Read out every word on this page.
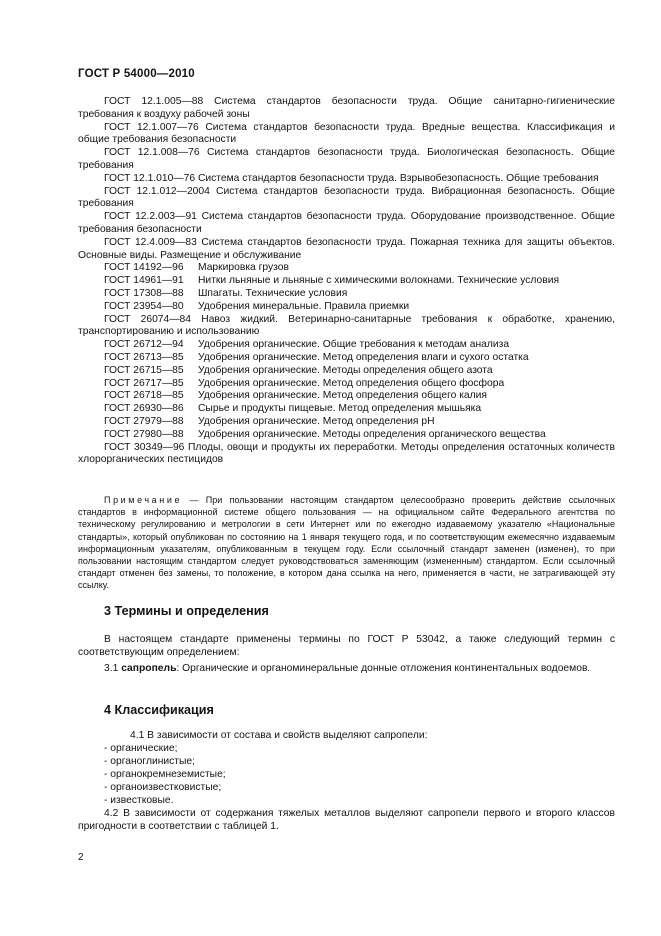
ГОСТ Р 54000—2010

ГОСТ 12.1.005—88 Система стандартов безопасности труда. Общие санитарно-гигиенические требования к воздуху рабочей зоны

ГОСТ 12.1.007—76 Система стандартов безопасности труда. Вредные вещества. Классификация и общие требования безопасности

ГОСТ 12.1.008—76 Система стандартов безопасности труда. Биологическая безопасность. Общие требования

ГОСТ 12.1.010—76 Система стандартов безопасности труда. Взрывобезопасность. Общие требования

ГОСТ 12.1.012—2004 Система стандартов безопасности труда. Вибрационная безопасность. Общие требования

ГОСТ 12.2.003—91 Система стандартов безопасности труда. Оборудование производственное. Общие требования безопасности

ГОСТ 12.4.009—83 Система стандартов безопасности труда. Пожарная техника для защиты объектов. Основные виды. Размещение и обслуживание

ГОСТ 14192—96 Маркировка грузов

ГОСТ 14961—91 Нитки льняные и льняные с химическими волокнами. Технические условия

ГОСТ 17308—88 Шпагаты. Технические условия

ГОСТ 23954—80 Удобрения минеральные. Правила приемки

ГОСТ 26074—84 Навоз жидкий. Ветеринарно-санитарные требования к обработке, хранению, транспортированию и использованию

ГОСТ 26712—94 Удобрения органические. Общие требования к методам анализа

ГОСТ 26713—85 Удобрения органические. Метод определения влаги и сухого остатка

ГОСТ 26715—85 Удобрения органические. Методы определения общего азота

ГОСТ 26717—85 Удобрения органические. Метод определения общего фосфора

ГОСТ 26718—85 Удобрения органические. Метод определения общего калия

ГОСТ 26930—86 Сырье и продукты пищевые. Метод определения мышьяка

ГОСТ 27979—88 Удобрения органические. Метод определения рН

ГОСТ 27980—88 Удобрения органические. Методы определения органического вещества

ГОСТ 30349—96 Плоды, овощи и продукты их переработки. Методы определения остаточных количеств хлорорганических пестицидов

Примечание — При пользовании настоящим стандартом целесообразно проверить действие ссылочных стандартов в информационной системе общего пользования — на официальном сайте Федерального агентства по техническому регулированию и метрологии в сети Интернет или по ежегодно издаваемому указателю «Национальные стандарты», который опубликован по состоянию на 1 января текущего года, и по соответствующим ежемесячно издаваемым информационным указателям, опубликованным в текущем году. Если ссылочный стандарт заменен (изменен), то при пользовании настоящим стандартом следует руководствоваться заменяющим (измененным) стандартом. Если ссылочный стандарт отменен без замены, то положение, в котором дана ссылка на него, применяется в части, не затрагивающей эту ссылку.

3 Термины и определения

В настоящем стандарте применены термины по ГОСТ Р 53042, а также следующий термин с соответствующим определением:

3.1 сапропель: Органические и органоминеральные донные отложения континентальных водоемов.

4 Классификация
4.1 В зависимости от состава и свойств выделяют сапропели:
- органические;
- органоглинистые;
- органокремнеземистые;
- органоизвестковистые;
- известковые.
4.2 В зависимости от содержания тяжелых металлов выделяют сапропели первого и второго классов пригодности в соответствии с таблицей 1.
2
